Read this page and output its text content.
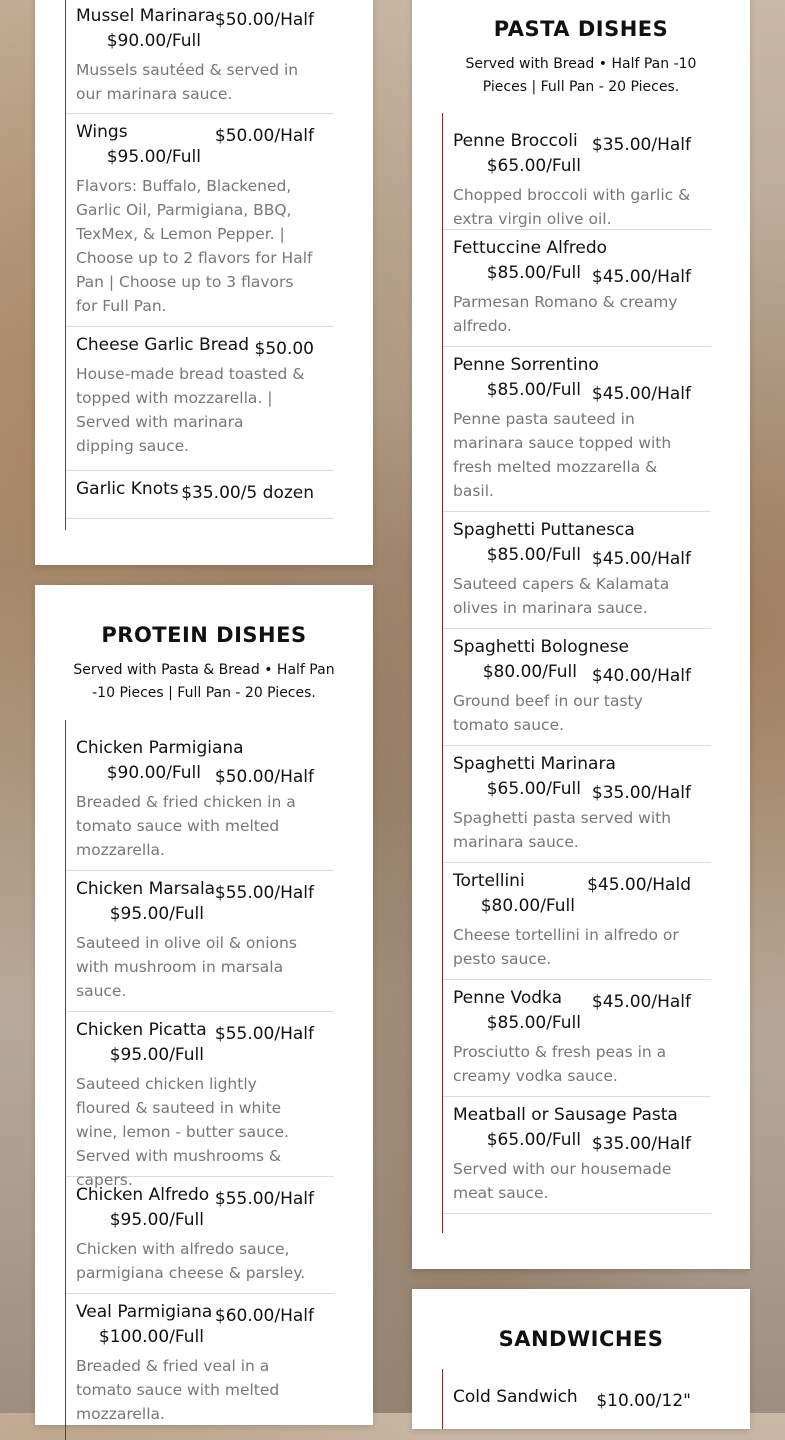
Mussel Marinara $50.00/Half
$90.00/Full
Mussels sautéed & served in our marinara sauce.
Wings	$50.00/Half
$95.00/Full
Flavors: Buffalo, Blackened, Garlic Oil, Parmigiana, BBQ, TexMex, & Lemon Pepper. | Choose up to 2 flavors for Half Pan | Choose up to 3 flavors for Full Pan.
Cheese Garlic Bread $50.00
House-made bread toasted & topped with mozzarella. | Served with marinara dipping sauce.
Garlic Knots $35.00/5 dozen
PROTEIN DISHES
Served with Pasta & Bread • Half Pan -10 Pieces | Full Pan - 20 Pieces.
Chicken Parmigiana
$50.00/Half
$90.00/Full
Breaded & fried chicken in a tomato sauce with melted mozzarella.
Chicken Marsala $55.00/Half
$95.00/Full
Sauteed in olive oil & onions with mushroom in marsala sauce.
Chicken Picatta $55.00/Half
$95.00/Full
Sauteed chicken lightly floured & sauteed in white wine, lemon - butter sauce. Served with mushrooms & capers.
Chicken Alfredo $55.00/Half
$95.00/Full
Chicken with alfredo sauce, parmigiana cheese & parsley.
Veal Parmigiana $60.00/Half
$100.00/Full
Breaded & fried veal in a tomato sauce with melted mozzarella.
PASTA DISHES
Served with Bread • Half Pan -10 Pieces | Full Pan - 20 Pieces.
Penne Broccoli $35.00/Half
$65.00/Full
Chopped broccoli with garlic & extra virgin olive oil.
Fettuccine Alfredo
$45.00/Half
$85.00/Full
Parmesan Romano & creamy alfredo.
Penne Sorrentino
$45.00/Half
$85.00/Full
Penne pasta sauteed in marinara sauce topped with fresh melted mozzarella & basil.
Spaghetti Puttanesca
$45.00/Half
$85.00/Full
Sauteed capers & Kalamata olives in marinara sauce.
Spaghetti Bolognese
$40.00/Half
$80.00/Full
Ground beef in our tasty tomato sauce.
Spaghetti Marinara
$35.00/Half
$65.00/Full
Spaghetti pasta served with marinara sauce.
Tortellini	$45.00/Hald
$80.00/Full
Cheese tortellini in alfredo or pesto sauce.
Penne Vodka	$45.00/Half
$85.00/Full
Prosciutto & fresh peas in a creamy vodka sauce.
Meatball or Sausage Pasta
$35.00/Half
$65.00/Full
Served with our housemade meat sauce.
SANDWICHES
Cold Sandwich	$10.00/12"
